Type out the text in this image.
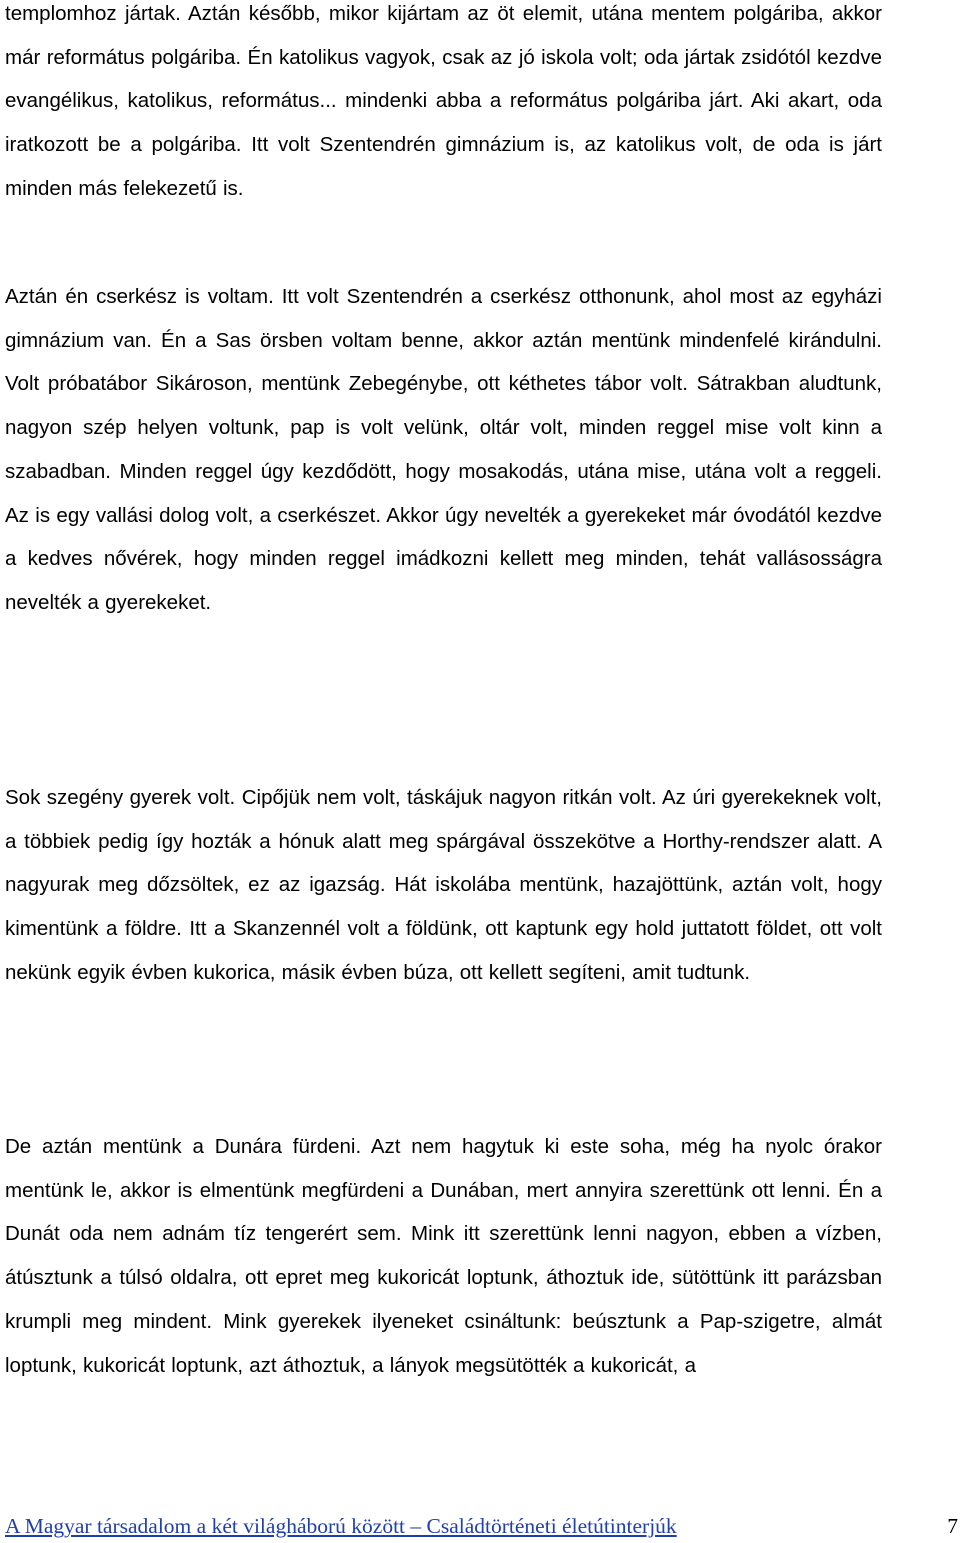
templomhoz jártak. Aztán később, mikor kijártam az öt elemit, utána mentem polgáriba, akkor már református polgáriba. Én katolikus vagyok, csak az jó iskola volt; oda jártak zsidótól kezdve evangélikus, katolikus, református... mindenki abba a református polgáriba járt. Aki akart, oda iratkozott be a polgáriba. Itt volt Szentendrén gimnázium is, az katolikus volt, de oda is járt minden más felekezetű is.

Aztán én cserkész is voltam. Itt volt Szentendrén a cserkész otthonunk, ahol most az egyházi gimnázium van. Én a Sas örsben voltam benne, akkor aztán mentünk mindenfelé kirándulni. Volt próbatábor Sikároson, mentünk Zebegénybe, ott kéthetes tábor volt. Sátrakban aludtunk, nagyon szép helyen voltunk, pap is volt velünk, oltár volt, minden reggel mise volt kinn a szabadban. Minden reggel úgy kezdődött, hogy mosakodás, utána mise, utána volt a reggeli. Az is egy vallási dolog volt, a cserkészet. Akkor úgy nevelték a gyerekeket már óvodától kezdve a kedves nővérek, hogy minden reggel imádkozni kellett meg minden, tehát vallásosságra nevelték a gyerekeket.

Sok szegény gyerek volt. Cipőjük nem volt, táskájuk nagyon ritkán volt. Az úri gyerekeknek volt, a többiek pedig így hozták a hónuk alatt meg spárgával összekötve a Horthy-rendszer alatt. A nagyurak meg dőzsöltek, ez az igazság. Hát iskolába mentünk, hazajöttünk, aztán volt, hogy kimentünk a földre. Itt a Skanzennél volt a földünk, ott kaptunk egy hold juttatott földet, ott volt nekünk egyik évben kukorica, másik évben búza, ott kellett segíteni, amit tudtunk.

De aztán mentünk a Dunára fürdeni. Azt nem hagytuk ki este soha, még ha nyolc órakor mentünk le, akkor is elmentünk megfürdeni a Dunában, mert annyira szerettünk ott lenni. Én a Dunát oda nem adnám tíz tengerért sem. Mink itt szerettünk lenni nagyon, ebben a vízben, átúsztunk a túlsó oldalra, ott epret meg kukoricát loptunk, áthoztuk ide, sütöttünk itt parázsban krumpli meg mindent. Mink gyerekek ilyeneket csináltunk: beúsztunk a Pap-szigetre, almát loptunk, kukoricát loptunk, azt áthoztuk, a lányok megsütötték a kukoricát, a

A Magyar társadalom a két világháború között – Családtörténeti életútinterjúk	7
